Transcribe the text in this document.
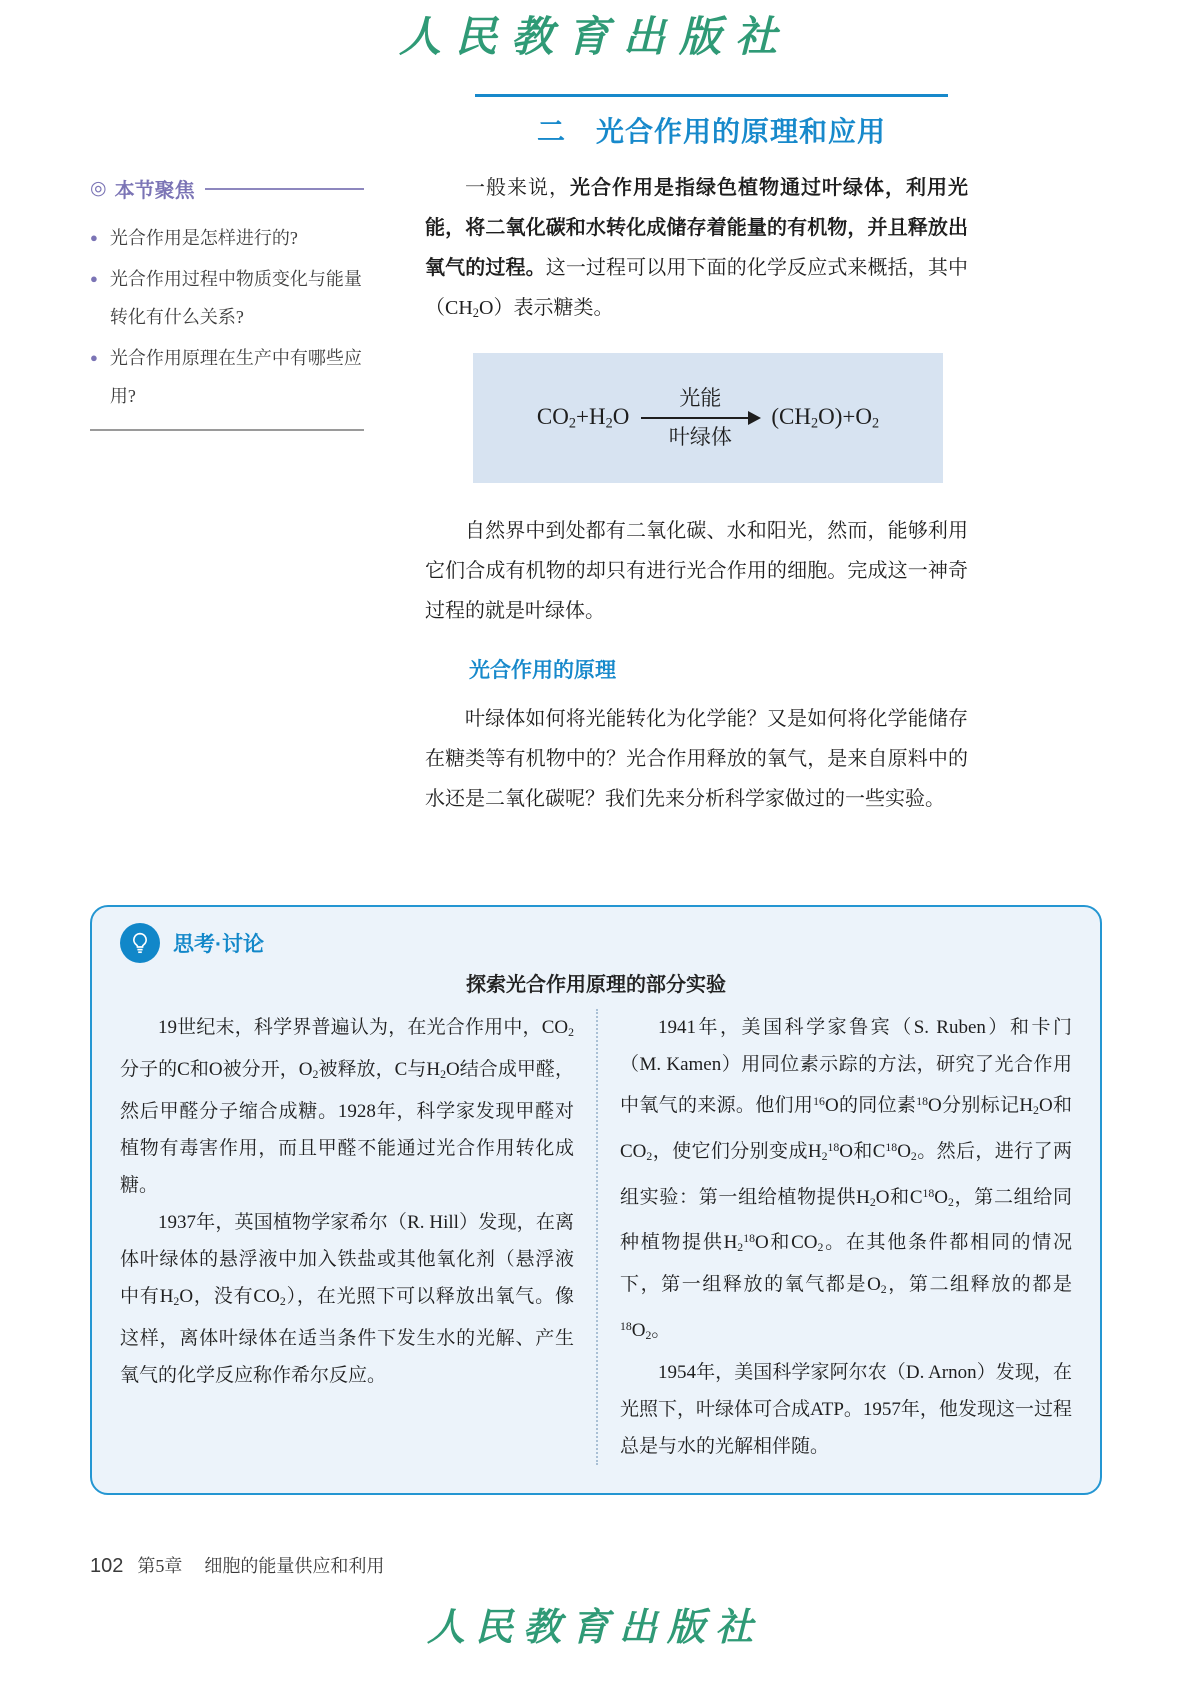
人民教育出版社
二 光合作用的原理和应用
◎ 本节聚焦
● 光合作用是怎样进行的?
● 光合作用过程中物质变化与能量转化有什么关系?
● 光合作用原理在生产中有哪些应用?

一般来说，光合作用是指绿色植物通过叶绿体，利用光能，将二氧化碳和水转化成储存着能量的有机物，并且释放出氧气的过程。这一过程可以用下面的化学反应式来概括，其中$(CH_2O)$表示糖类。

$CO_2+H_2O$
光能
叶绿体
$(CH_2O)+O_2$

自然界中到处都有二氧化碳、水和阳光，然而，能够利用它们合成有机物的却只有进行光合作用的细胞。完成这一神奇过程的就是叶绿体。

光合作用的原理

叶绿体如何将光能转化为化学能？又是如何将化学能储存在糖类等有机物中的？光合作用释放的氧气，是来自原料中的水还是二氧化碳呢？我们先来分析科学家做过的一些实验。

思考·讨论
探索光合作用原理的部分实验

19世纪末，科学界普遍认为，在光合作用中，$CO_2$分子的C和O被分开，$O_2$被释放，C与$H_2O$结合成甲醛，然后甲醛分子缩合成糖。1928年，科学家发现甲醛对植物有毒害作用，而且甲醛不能通过光合作用转化成糖。

1937年，英国植物学家希尔（R. Hill）发现，在离体叶绿体的悬浮液中加入铁盐或其他氧化剂（悬浮液中有$H_2O$，没有$CO_2$），在光照下可以释放出氧气。像这样，离体叶绿体在适当条件下发生水的光解、产生氧气的化学反应称作希尔反应。

1941年，美国科学家鲁宾（S. Ruben）和卡门（M. Kamen）用同位素示踪的方法，研究了光合作用中氧气的来源。他们用$^{16}$O的同位素$^{18}$O分别标记$H_2O$和$CO_2$，使它们分别变成$H_2^{18}O$和$C^{18}O_2$。然后，进行了两组实验：第一组给植物提供$H_2O$和$C^{18}O_2$，第二组给同种植物提供$H_2^{18}O$和$CO_2$。在其他条件都相同的情况下，第一组释放的氧气都是$O_2$，第二组释放的都是$^{18}O_2$。

1954年，美国科学家阿尔农（D. Arnon）发现，在光照下，叶绿体可合成ATP。1957年，他发现这一过程总是与水的光解相伴随。

102 第5章 细胞的能量供应和利用
人民教育出版社
